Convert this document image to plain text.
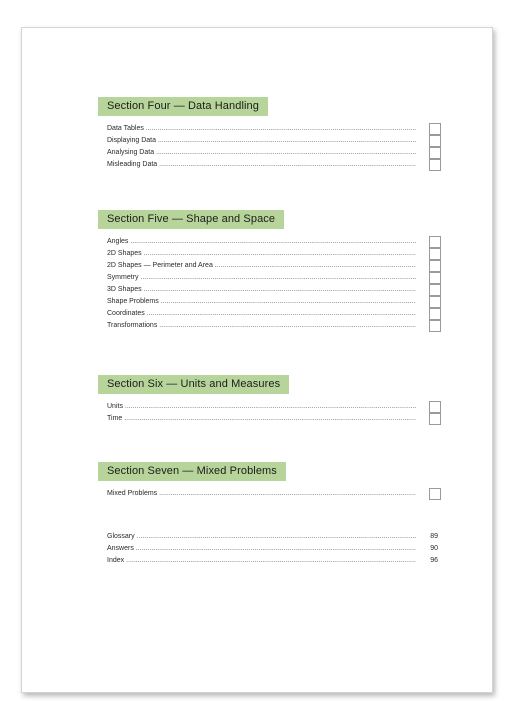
Section Four — Data Handling
Data Tables .....
Displaying Data .....
Analysing Data .....
Misleading Data .....
Section Five — Shape and Space
Angles .....
2D Shapes .....
2D Shapes — Perimeter and Area .....
Symmetry .....
3D Shapes .....
Shape Problems .....
Coordinates .....
Transformations .....
Section Six — Units and Measures
Units .....
Time .....
Section Seven — Mixed Problems
Mixed Problems .....
Glossary .....	89
Answers .....	90
Index .....	96
